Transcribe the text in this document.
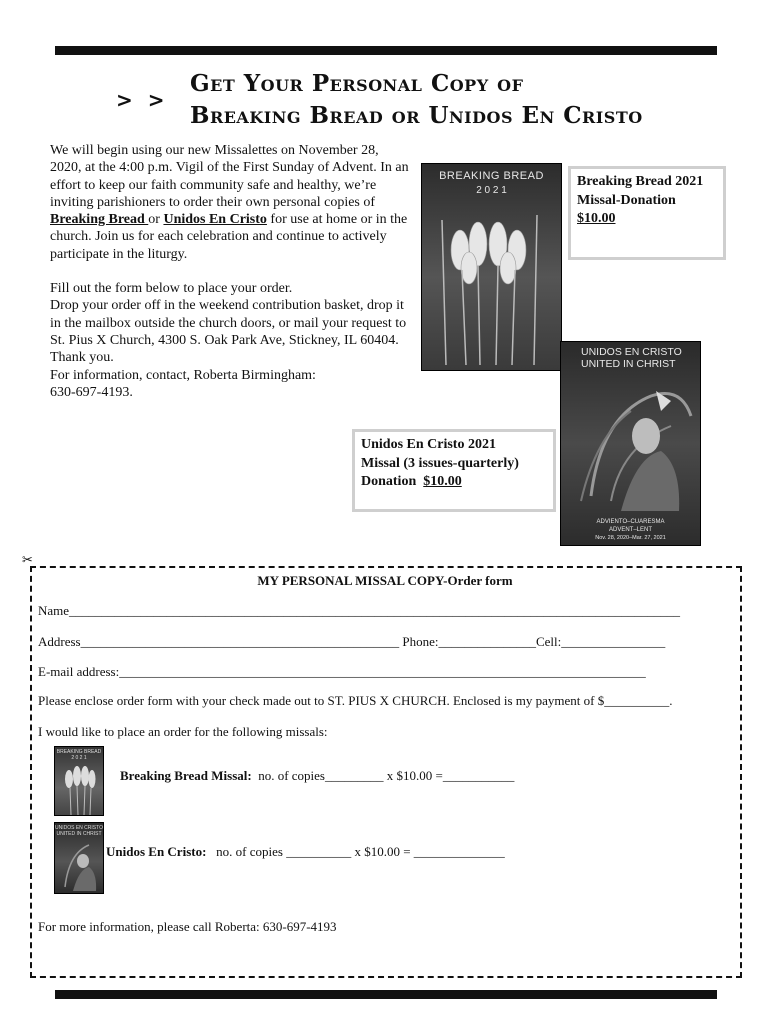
> >
Get Your Personal Copy of
Breaking Bread or Unidos En Cristo

We will begin using our new Missalettes on November 28, 2020, at the 4:00 p.m. Vigil of the First Sunday of Advent. In an effort to keep our faith community safe and healthy, we’re inviting parishioners to order their own personal copies of Breaking Bread or Unidos En Cristo for use at home or in the church. Join us for each celebration and continue to actively participate in the liturgy.

Fill out the form below to place your order.
Drop your order off in the weekend contribution basket, drop it in the mailbox outside the church doors, or mail your request to St. Pius X Church, 4300 S. Oak Park Ave, Stickney, IL 60404. Thank you.
For information, contact, Roberta Birmingham:
630-697-4193.
BREAKING BREAD
2 0 2 1
Breaking Bread 2021
Missal-Donation
$10.00
UNIDOS EN CRISTO
UNITED IN CHRIST
ADVIENTO–CUARESMA
ADVENT–LENT
Nov. 28, 2020–Mar. 27, 2021
Unidos En Cristo 2021
Missal (3 issues-quarterly)
Donation  $10.00
✂
MY PERSONAL MISSAL COPY-Order form
Name______________________________________________________________________________________________
Address_________________________________________________ Phone:_______________Cell:________________
E-mail address:_________________________________________________________________________________
Please enclose order form with your check made out to ST. PIUS X CHURCH. Enclosed is my payment of $__________.
I would like to place an order for the following missals:
BREAKING BREAD
2 0 2 1
Breaking Bread Missal:  no. of copies_________ x $10.00 =___________
UNIDOS EN CRISTO
UNITED IN CHRIST
Unidos En Cristo:   no. of copies __________ x $10.00 = ______________
For more information, please call Roberta: 630-697-4193
